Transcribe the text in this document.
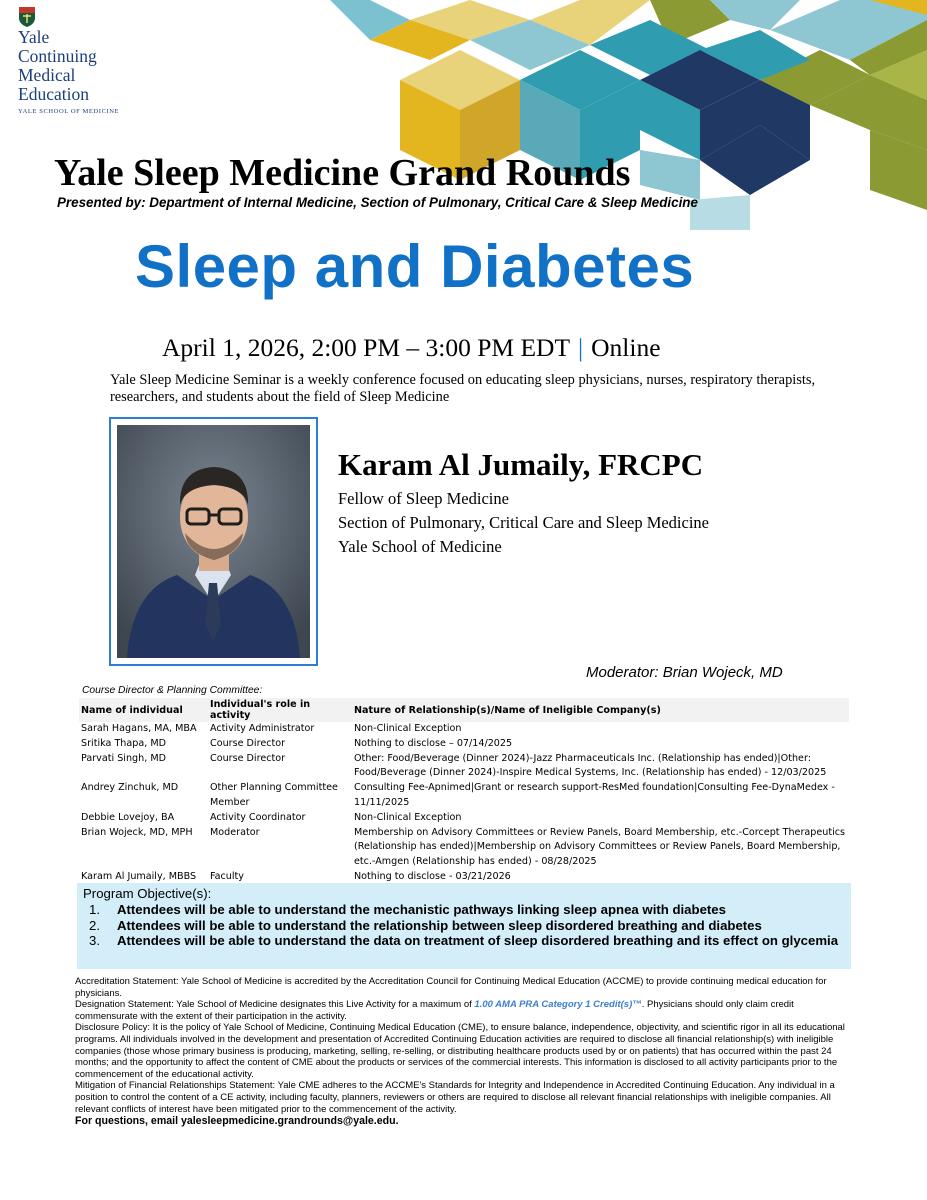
Yale
Continuing
Medical
Education
YALE SCHOOL OF MEDICINE
Yale Sleep Medicine Grand Rounds
Presented by: Department of Internal Medicine, Section of Pulmonary, Critical Care & Sleep Medicine
Sleep and Diabetes
April 1, 2026, 2:00 PM – 3:00 PM EDT | Online
Yale Sleep Medicine Seminar is a weekly conference focused on educating sleep physicians, nurses, respiratory therapists, researchers, and students about the field of Sleep Medicine
Karam Al Jumaily, FRCPC
Fellow of Sleep Medicine
Section of Pulmonary, Critical Care and Sleep Medicine
Yale School of Medicine
Moderator: Brian Wojeck, MD
Course Director & Planning Committee:
Name of individual	Individual's role in activity	Nature of Relationship(s)/Name of Ineligible Company(s)
Sarah Hagans, MA, MBA	Activity Administrator	Non-Clinical Exception
Sritika Thapa, MD	Course Director	Nothing to disclose – 07/14/2025
Parvati Singh, MD	Course Director	Other: Food/Beverage (Dinner 2024)-Jazz Pharmaceuticals Inc. (Relationship has ended)|Other: Food/Beverage (Dinner 2024)-Inspire Medical Systems, Inc. (Relationship has ended) - 12/03/2025
Andrey Zinchuk, MD	Other Planning Committee Member	Consulting Fee-Apnimed|Grant or research support-ResMed foundation|Consulting Fee-DynaMedex - 11/11/2025
Debbie Lovejoy, BA	Activity Coordinator	Non-Clinical Exception
Brian Wojeck, MD, MPH	Moderator	Membership on Advisory Committees or Review Panels, Board Membership, etc.-Corcept Therapeutics (Relationship has ended)|Membership on Advisory Committees or Review Panels, Board Membership, etc.-Amgen (Relationship has ended) - 08/28/2025
Karam Al Jumaily, MBBS	Faculty	Nothing to disclose - 03/21/2026
Program Objective(s):
1. Attendees will be able to understand the mechanistic pathways linking sleep apnea with diabetes
2. Attendees will be able to understand the relationship between sleep disordered breathing and diabetes
3. Attendees will be able to understand the data on treatment of sleep disordered breathing and its effect on glycemia

Accreditation Statement: Yale School of Medicine is accredited by the Accreditation Council for Continuing Medical Education (ACCME) to provide continuing medical education for physicians.

Designation Statement: Yale School of Medicine designates this Live Activity for a maximum of 1.00 AMA PRA Category 1 Credit(s)™. Physicians should only claim credit commensurate with the extent of their participation in the activity.

Disclosure Policy: It is the policy of Yale School of Medicine, Continuing Medical Education (CME), to ensure balance, independence, objectivity, and scientific rigor in all its educational programs. All individuals involved in the development and presentation of Accredited Continuing Education activities are required to disclose all financial relationship(s) with ineligible companies (those whose primary business is producing, marketing, selling, re-selling, or distributing healthcare products used by or on patients) that has occurred within the past 24 months; and the opportunity to affect the content of CME about the products or services of the commercial interests. This information is disclosed to all activity participants prior to the commencement of the educational activity.

Mitigation of Financial Relationships Statement: Yale CME adheres to the ACCME's Standards for Integrity and Independence in Accredited Continuing Education. Any individual in a position to control the content of a CE activity, including faculty, planners, reviewers or others are required to disclose all relevant financial relationships with ineligible companies. All relevant conflicts of interest have been mitigated prior to the commencement of the activity.

For questions, email yalesleepmedicine.grandrounds@yale.edu.
